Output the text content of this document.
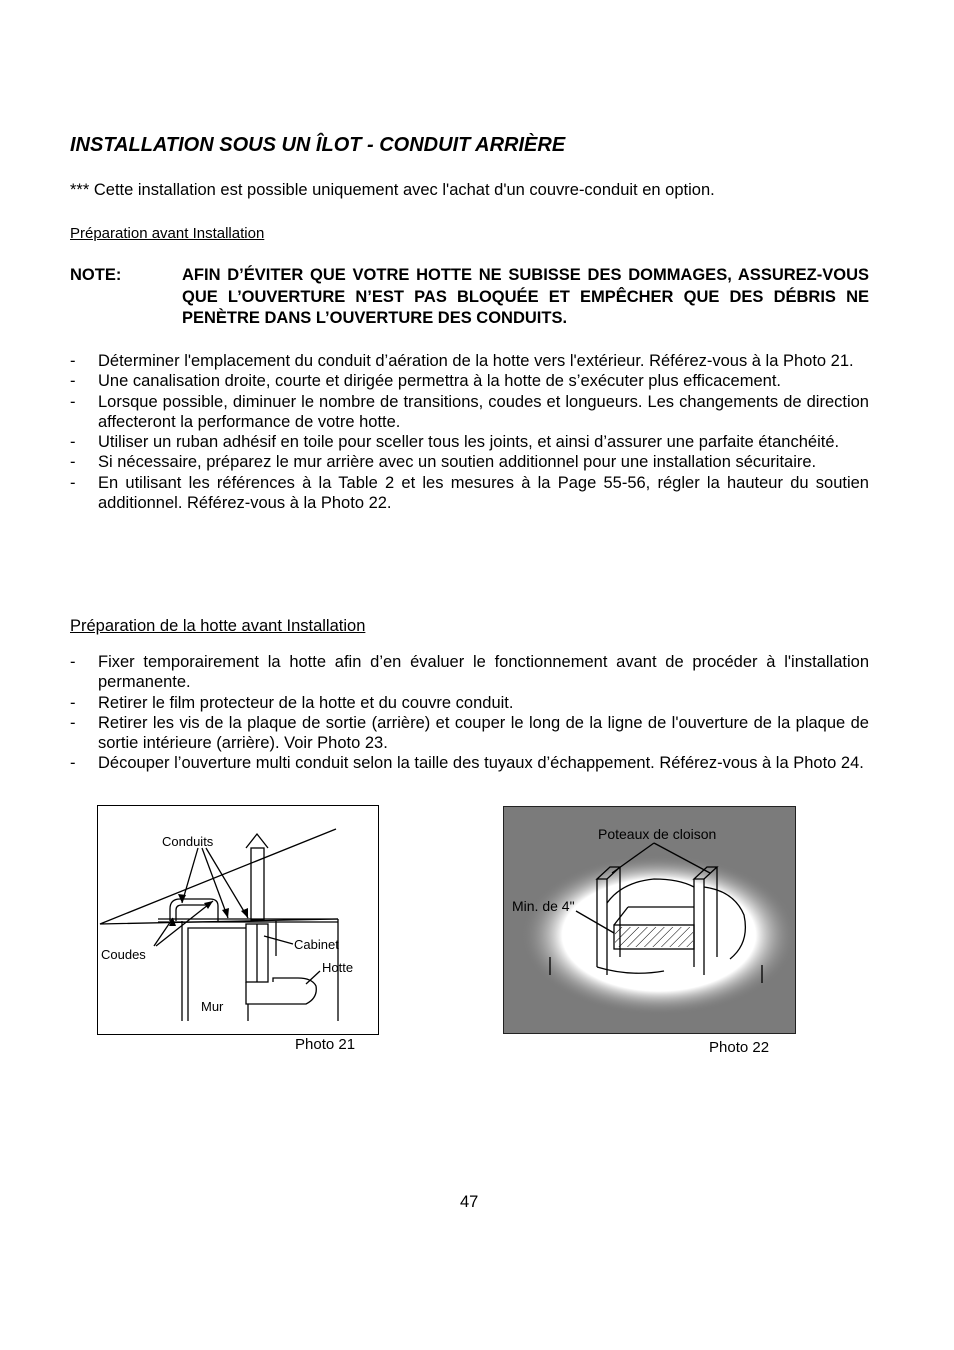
INSTALLATION SOUS UN ÎLOT - CONDUIT ARRIÈRE
*** Cette installation est possible uniquement avec l'achat d'un couvre-conduit en option.
Préparation avant Installation
NOTE:	AFIN D’ÉVITER QUE VOTRE HOTTE NE SUBISSE DES DOMMAGES, ASSUREZ-VOUS QUE L’OUVERTURE N’EST PAS BLOQUÉE ET EMPÊCHER QUE DES DÉBRIS NE PENÈTRE DANS L’OUVERTURE DES CONDUITS.
- Déterminer l'emplacement du conduit d’aération de la hotte vers l'extérieur. Référez-vous à la Photo 21.
- Une canalisation droite, courte et dirigée permettra à la hotte de s’exécuter plus efficacement.
- Lorsque possible, diminuer le nombre de transitions, coudes et longueurs. Les changements de direction affecteront la performance de votre hotte.
- Utiliser un ruban adhésif en toile pour sceller tous les joints, et ainsi d’assurer une parfaite étanchéité.
- Si nécessaire, préparez le mur arrière avec un soutien additionnel pour une installation sécuritaire.
- En utilisant les références à la Table 2 et les mesures à la Page 55-56, régler la hauteur du soutien additionnel. Référez-vous à la Photo 22.
Préparation de la hotte avant Installation
- Fixer temporairement la hotte afin d’en évaluer le fonctionnement avant de procéder à l'installation permanente.
- Retirer le film protecteur de la hotte et du couvre conduit.
- Retirer les vis de la plaque de sortie (arrière) et couper le long de la ligne de l'ouverture de la plaque de sortie intérieure (arrière). Voir Photo 23.
- Découper l’ouverture multi conduit selon la taille des tuyaux d’échappement. Référez-vous à la Photo 24.
Conduits
Coudes
Cabinet
Hotte
Mur
Photo 21
Poteaux de cloison
Min. de 4"
Photo 22
47
